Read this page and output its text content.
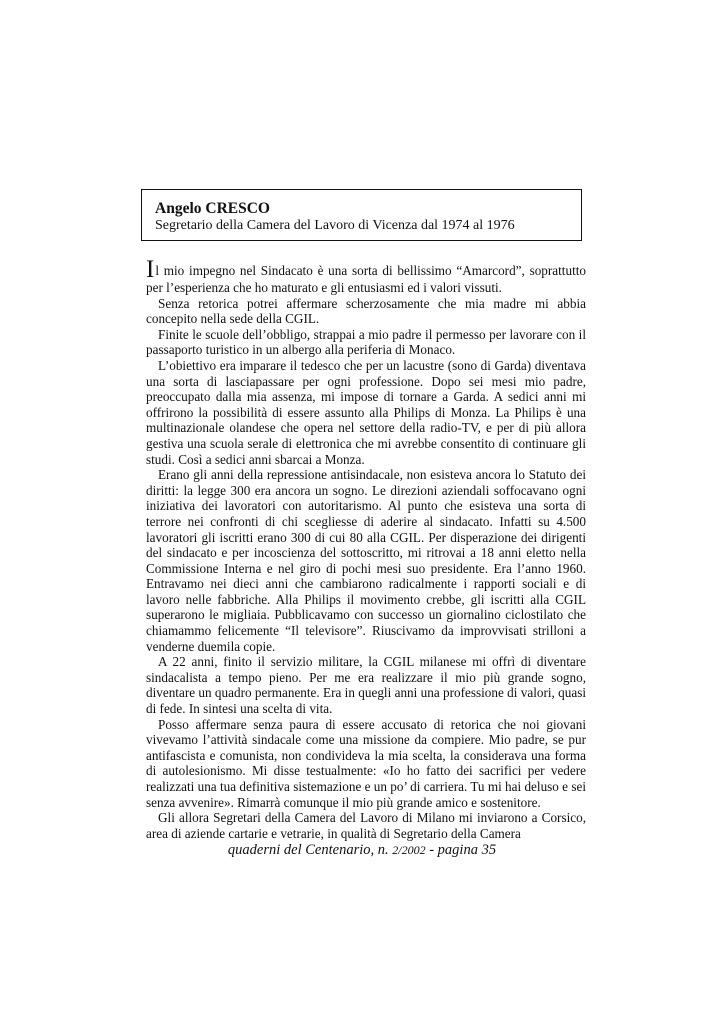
Angelo CRESCO
Segretario della Camera del Lavoro di Vicenza dal 1974 al 1976

Il mio impegno nel Sindacato è una sorta di bellissimo “Amarcord”, soprattutto per l’esperienza che ho maturato e gli entusiasmi ed i valori vissuti.

Senza retorica potrei affermare scherzosamente che mia madre mi abbia concepito nella sede della CGIL.

Finite le scuole dell’obbligo, strappai a mio padre il permesso per lavorare con il passaporto turistico in un albergo alla periferia di Monaco.

L’obiettivo era imparare il tedesco che per un lacustre (sono di Garda) diventava una sorta di lasciapassare per ogni professione. Dopo sei mesi mio padre, preoccupato dalla mia assenza, mi impose di tornare a Garda. A sedici anni mi offrirono la possibilità di essere assunto alla Philips di Monza. La Philips è una multinazionale olandese che opera nel settore della radio-TV, e per di più allora gestiva una scuola serale di elettronica che mi avrebbe consentito di continuare gli studi. Così a sedici anni sbarcai a Monza.

Erano gli anni della repressione antisindacale, non esisteva ancora lo Statuto dei diritti: la legge 300 era ancora un sogno. Le direzioni aziendali soffocavano ogni iniziativa dei lavoratori con autoritarismo. Al punto che esisteva una sorta di terrore nei confronti di chi scegliesse di aderire al sindacato. Infatti su 4.500 lavoratori gli iscritti erano 300 di cui 80 alla CGIL. Per disperazione dei dirigenti del sindacato e per incoscienza del sottoscritto, mi ritrovai a 18 anni eletto nella Commissione Interna e nel giro di pochi mesi suo presidente. Era l’anno 1960. Entravamo nei dieci anni che cambiarono radicalmente i rapporti sociali e di lavoro nelle fabbriche. Alla Philips il movimento crebbe, gli iscritti alla CGIL superarono le migliaia. Pubblicavamo con successo un giornalino ciclostilato che chiamammo felicemente “Il televisore”. Riuscivamo da improvvisati strilloni a venderne duemila copie.

A 22 anni, finito il servizio militare, la CGIL milanese mi offrì di diventare sindacalista a tempo pieno. Per me era realizzare il mio più grande sogno, diventare un quadro permanente. Era in quegli anni una professione di valori, quasi di fede. In sintesi una scelta di vita.

Posso affermare senza paura di essere accusato di retorica che noi giovani vivevamo l’attività sindacale come una missione da compiere. Mio padre, se pur antifascista e comunista, non condivideva la mia scelta, la considerava una forma di autolesionismo. Mi disse testualmente: «Io ho fatto dei sacrifici per vedere realizzati una tua definitiva sistemazione e un po’ di carriera. Tu mi hai deluso e sei senza avvenire». Rimarrà comunque il mio più grande amico e sostenitore.

Gli allora Segretari della Camera del Lavoro di Milano mi inviarono a Corsico, area di aziende cartarie e vetrarie, in qualità di Segretario della Camera

quaderni del Centenario, n. 2/2002 - pagina 35
